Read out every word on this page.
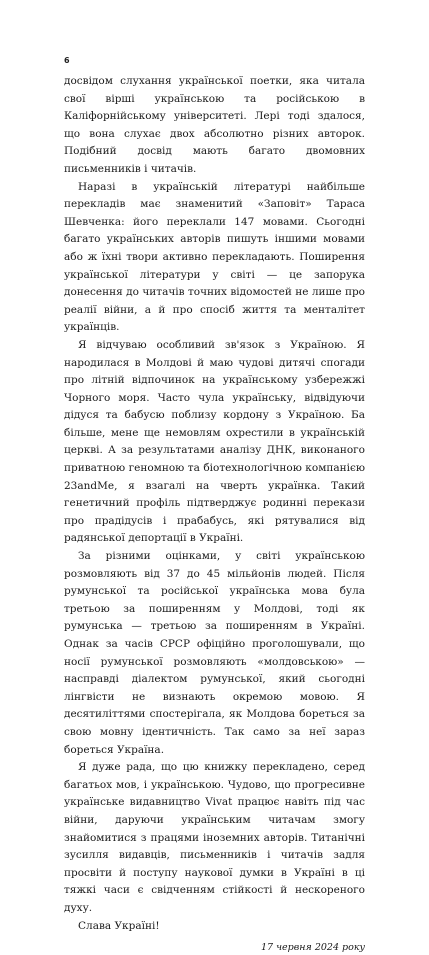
6

досвідом слухання української поетки, яка читала свої вірші українською та російською в Каліфорнійському університеті. Лері тоді здалося, що вона слухає двох абсолютно різних авторок. Подібний досвід мають багато двомовних письменників і читачів.

Наразі в українській літературі найбільше перекладів має знаменитий «Заповіт» Тараса Шевченка: його переклали 147 мовами. Сьогодні багато українських авторів пишуть іншими мовами або ж їхні твори активно перекладають. Поширення української літератури у світі — це запорука донесення до читачів точних відомостей не лише про реалії війни, а й про спосіб життя та менталітет українців.

Я відчуваю особливий зв'язок з Україною. Я народилася в Молдові й маю чудові дитячі спогади про літній відпочинок на українському узбережжі Чорного моря. Часто чула українську, відвідуючи дідуся та бабусю поблизу кордону з Україною. Ба більше, мене ще немовлям охрестили в українській церкві. А за результатами аналізу ДНК, виконаного приватною геномною та біотехнологічною компанією 23andMe, я взагалі на чверть українка. Такий генетичний профіль підтверджує родинні перекази про прадідусів і прабабусь, які рятувалися від радянської депортації в Україні.

За різними оцінками, у світі українською розмовляють від 37 до 45 мільйонів людей. Після румунської та російської українська мова була третьою за поширенням у Молдові, тоді як румунська — третьою за поширенням в Україні. Однак за часів СРСР офіційно проголошували, що носії румунської розмовляють «молдовською» — насправді діалектом румунської, який сьогодні лінгвісти не визнають окремою мовою. Я десятиліттями спостерігала, як Молдова бореться за свою мовну ідентичність. Так само за неї зараз бореться Україна.

Я дуже рада, що цю книжку перекладено, серед багатьох мов, і українською. Чудово, що прогресивне українське видавництво Vivat працює навіть під час війни, даруючи українським читачам змогу знайомитися з працями іноземних авторів. Титанічні зусилля видавців, письменників і читачів задля просвіти й поступу наукової думки в Україні в ці тяжкі часи є свідченням стійкості й нескореного духу.

Слава Україні!

17 червня 2024 року
